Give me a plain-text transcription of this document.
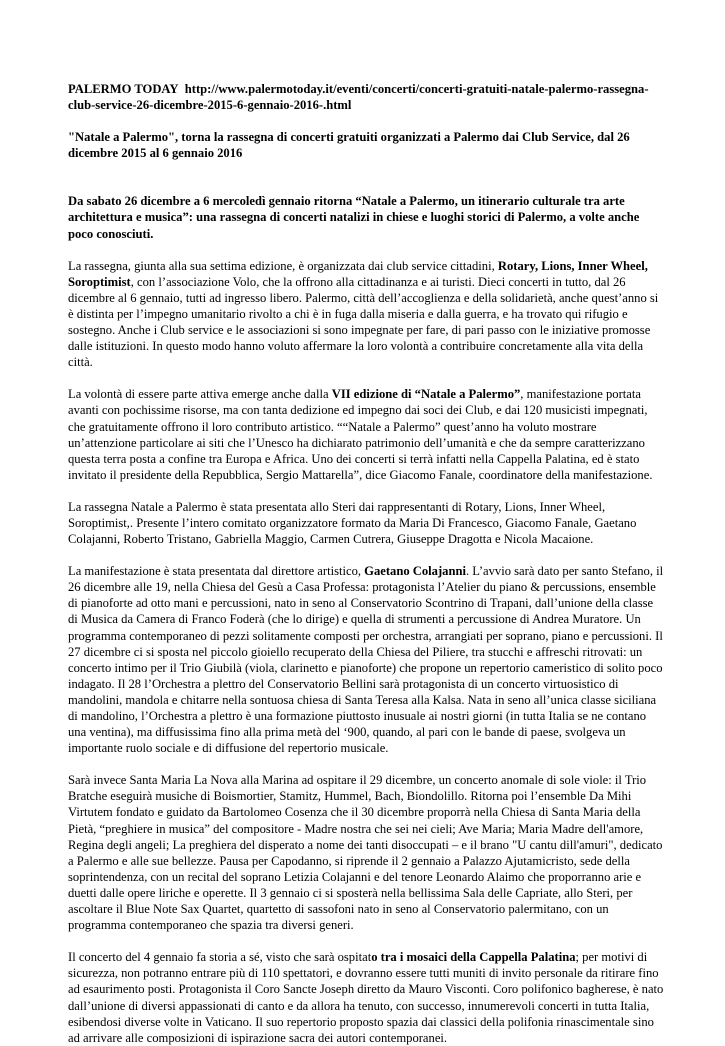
PALERMO TODAY http://www.palermotoday.it/eventi/concerti/concerti-gratuiti-natale-palermo-rassegna-club-service-26-dicembre-2015-6-gennaio-2016-.html

"Natale a Palermo", torna la rassegna di concerti gratuiti organizzati a Palermo dai Club Service, dal 26 dicembre 2015 al 6 gennaio 2016

Da sabato 26 dicembre a 6 mercoledì gennaio ritorna “Natale a Palermo, un itinerario culturale tra arte architettura e musica”: una rassegna di concerti natalizi in chiese e luoghi storici di Palermo, a volte anche poco conosciuti.

La rassegna, giunta alla sua settima edizione, è organizzata dai club service cittadini, Rotary, Lions, Inner Wheel, Soroptimist, con l’associazione Volo, che la offrono alla cittadinanza e ai turisti. Dieci concerti in tutto, dal 26 dicembre al 6 gennaio, tutti ad ingresso libero. Palermo, città dell’accoglienza e della solidarietà, anche quest’anno si è distinta per l’impegno umanitario rivolto a chi è in fuga dalla miseria e dalla guerra, e ha trovato qui rifugio e sostegno. Anche i Club service e le associazioni si sono impegnate per fare, di pari passo con le iniziative promosse dalle istituzioni. In questo modo hanno voluto affermare la loro volontà a contribuire concretamente alla vita della città.

La volontà di essere parte attiva emerge anche dalla VII edizione di “Natale a Palermo”, manifestazione portata avanti con pochissime risorse, ma con tanta dedizione ed impegno dai soci dei Club, e dai 120 musicisti impegnati, che gratuitamente offrono il loro contributo artistico. ““Natale a Palermo” quest’anno ha voluto mostrare un’attenzione particolare ai siti che l’Unesco ha dichiarato patrimonio dell’umanità e che da sempre caratterizzano questa terra posta a confine tra Europa e Africa. Uno dei concerti si terrà infatti nella Cappella Palatina, ed è stato invitato il presidente della Repubblica, Sergio Mattarella”, dice Giacomo Fanale, coordinatore della manifestazione.

La rassegna Natale a Palermo è stata presentata allo Steri dai rappresentanti di Rotary, Lions, Inner Wheel, Soroptimist,. Presente l’intero comitato organizzatore formato da Maria Di Francesco, Giacomo Fanale, Gaetano Colajanni, Roberto Tristano, Gabriella Maggio, Carmen Cutrera, Giuseppe Dragotta e Nicola Macaione.

La manifestazione è stata presentata dal direttore artistico, Gaetano Colajanni. L’avvio sarà dato per santo Stefano, il 26 dicembre alle 19, nella Chiesa del Gesù a Casa Professa: protagonista l’Atelier du piano & percussions, ensemble di pianoforte ad otto mani e percussioni, nato in seno al Conservatorio Scontrino di Trapani, dall’unione della classe di Musica da Camera di Franco Foderà (che lo dirige) e quella di strumenti a percussione di Andrea Muratore. Un programma contemporaneo di pezzi solitamente composti per orchestra, arrangiati per soprano, piano e percussioni. Il 27 dicembre ci si sposta nel piccolo gioiello recuperato della Chiesa del Piliere, tra stucchi e affreschi ritrovati: un concerto intimo per il Trio Giubilà (viola, clarinetto e pianoforte) che propone un repertorio cameristico di solito poco indagato. Il 28 l’Orchestra a plettro del Conservatorio Bellini sarà protagonista di un concerto virtuosistico di mandolini, mandola e chitarre nella sontuosa chiesa di Santa Teresa alla Kalsa. Nata in seno all’unica classe siciliana di mandolino, l’Orchestra a plettro è una formazione piuttosto inusuale ai nostri giorni (in tutta Italia se ne contano una ventina), ma diffusissima fino alla prima metà del ‘900, quando, al pari con le bande di paese, svolgeva un importante ruolo sociale e di diffusione del repertorio musicale.

Sarà invece Santa Maria La Nova alla Marina ad ospitare il 29 dicembre, un concerto anomale di sole viole: il Trio Bratche eseguirà musiche di Boismortier, Stamitz, Hummel, Bach, Biondolillo. Ritorna poi l’ensemble Da Mihi Virtutem fondato e guidato da Bartolomeo Cosenza che il 30 dicembre proporrà nella Chiesa di Santa Maria della Pietà, “preghiere in musica” del compositore - Madre nostra che sei nei cieli; Ave Maria; Maria Madre dell'amore, Regina degli angeli; La preghiera del disperato a nome dei tanti disoccupati – e il brano "U cantu dill'amuri", dedicato a Palermo e alle sue bellezze. Pausa per Capodanno, si riprende il 2 gennaio a Palazzo Ajutamicristo, sede della soprintendenza, con un recital del soprano Letizia Colajanni e del tenore Leonardo Alaimo che proporranno arie e duetti dalle opere liriche e operette. Il 3 gennaio ci si sposterà nella bellissima Sala delle Capriate, allo Steri, per ascoltare il Blue Note Sax Quartet, quartetto di sassofoni nato in seno al Conservatorio palermitano, con un programma contemporaneo che spazia tra diversi generi.

Il concerto del 4 gennaio fa storia a sé, visto che sarà ospitato tra i mosaici della Cappella Palatina; per motivi di sicurezza, non potranno entrare più di 110 spettatori, e dovranno essere tutti muniti di invito personale da ritirare fino ad esaurimento posti. Protagonista il Coro Sancte Joseph diretto da Mauro Visconti. Coro polifonico bagherese, è nato dall’unione di diversi appassionati di canto e da allora ha tenuto, con successo, innumerevoli concerti in tutta Italia, esibendosi diverse volte in Vaticano. Il suo repertorio proposto spazia dai classici della polifonia rinascimentale sino ad arrivare alle composizioni di ispirazione sacra dei autori contemporanei.
